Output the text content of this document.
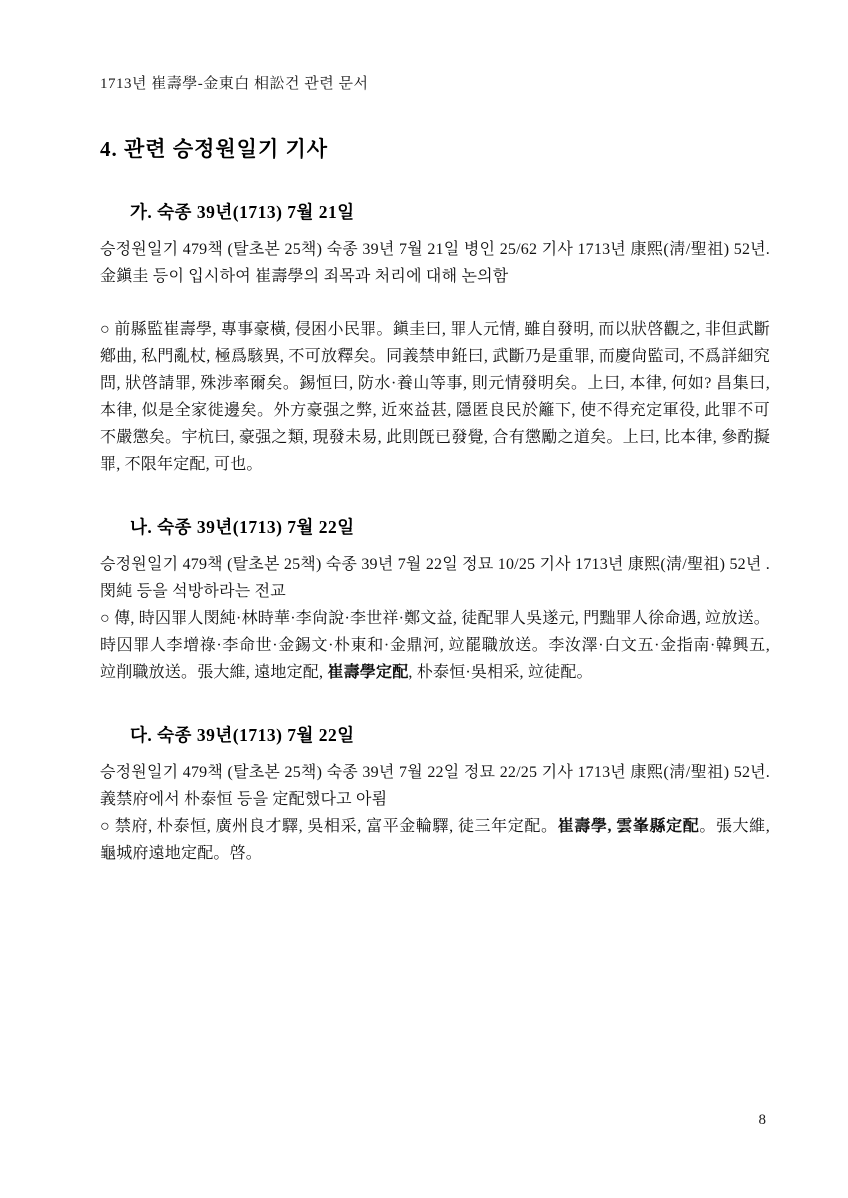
1713년 崔壽學-金東白 相訟건 관련 문서
4. 관련 승정원일기 기사
가. 숙종 39년(1713) 7월 21일

승정원일기 479책 (탈초본 25책) 숙종 39년 7월 21일 병인 25/62 기사 1713년 康熙(淸/聖祖) 52년. 金鎭圭 등이 입시하여 崔壽學의 죄목과 처리에 대해 논의함

○ 前縣監崔壽學, 專事豪橫, 侵困小民罪。鎭圭曰, 罪人元情, 雖自發明, 而以狀啓觀之, 非但武斷鄕曲, 私門亂杖, 極爲駭異, 不可放釋矣。同義禁申銋曰, 武斷乃是重罪, 而慶尙監司, 不爲詳細究問, 狀啓請罪, 殊涉率爾矣。錫恒曰, 防水·養山等事, 則元情發明矣。上曰, 本律, 何如? 昌集曰, 本律, 似是全家徙邊矣。外方豪强之弊, 近來益甚, 隱匿良民於籬下, 使不得充定軍役, 此罪不可不嚴懲矣。宇杭曰, 豪强之類, 現發未易, 此則旣已發覺, 合有懲勵之道矣。上曰, 比本律, 參酌擬罪, 不限年定配, 可也。

나. 숙종 39년(1713) 7월 22일

승정원일기 479책 (탈초본 25책) 숙종 39년 7월 22일 정묘 10/25 기사 1713년 康熙(淸/聖祖) 52년 . 閔純 등을 석방하라는 전교

○ 傳, 時囚罪人閔純·林時華·李尙說·李世祥·鄭文益, 徒配罪人吳遂元, 門黜罪人徐命遇, 竝放送。時囚罪人李增祿·李命世·金錫文·朴東和·金鼎河, 竝罷職放送。李汝澤·白文五·金指南·韓興五, 竝削職放送。張大維, 遠地定配, 崔壽學定配, 朴泰恒·吳相采, 竝徒配。

다. 숙종 39년(1713) 7월 22일

승정원일기 479책 (탈초본 25책) 숙종 39년 7월 22일 정묘 22/25 기사 1713년 康熙(淸/聖祖) 52년. 義禁府에서 朴泰恒 등을 定配했다고 아룀

○ 禁府, 朴泰恒, 廣州良才驛, 吳相采, 富平金輪驛, 徒三年定配。崔壽學, 雲峯縣定配。張大維, 龜城府遠地定配。啓。

8
